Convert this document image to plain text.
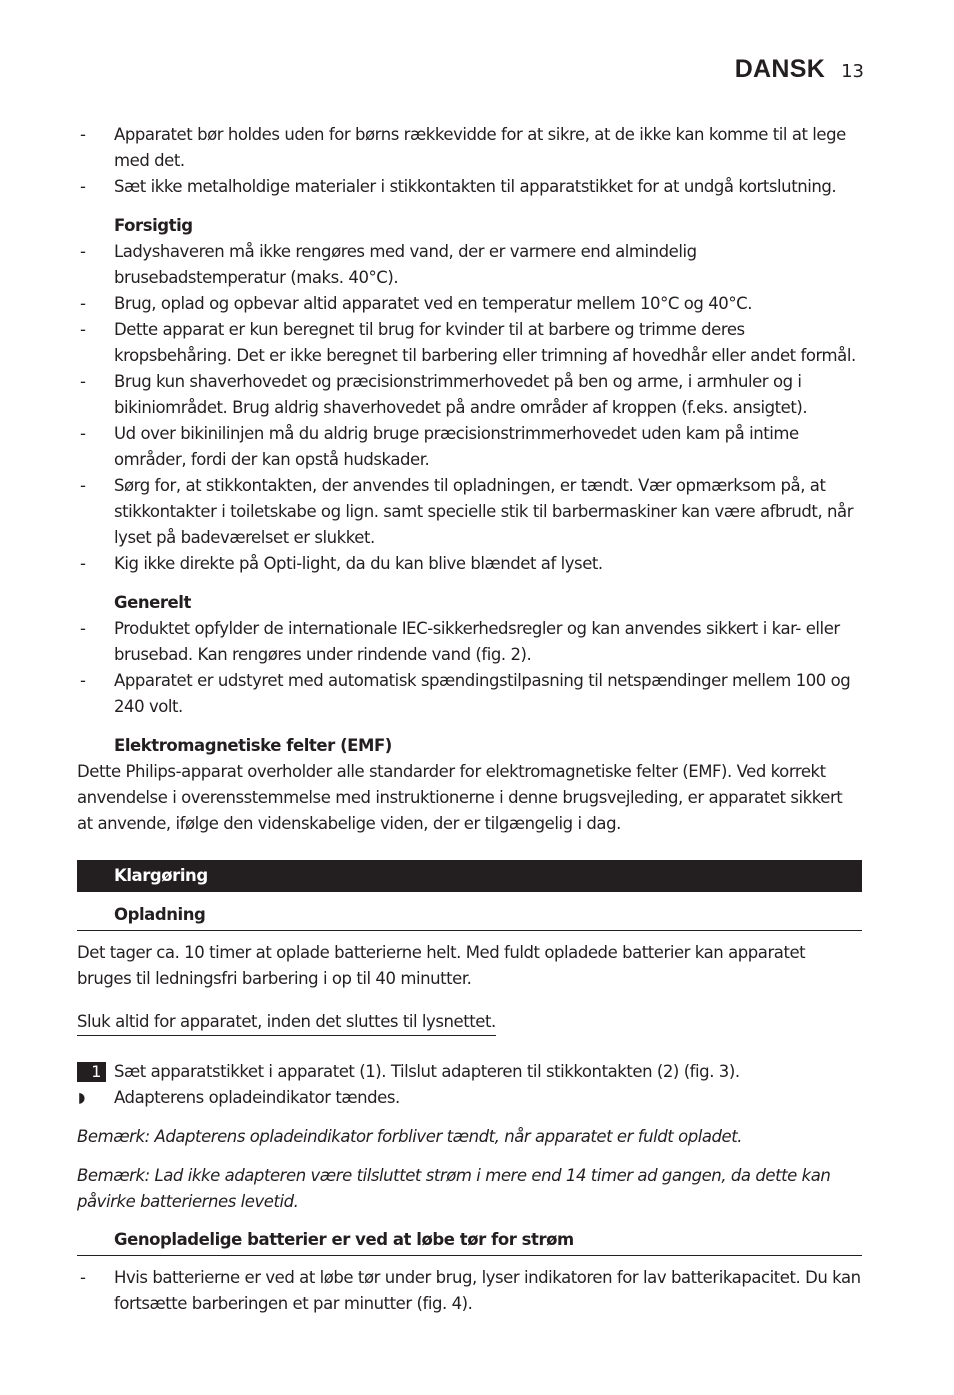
DANSK 13
-	Apparatet bør holdes uden for børns rækkevidde for at sikre, at de ikke kan komme til at lege med det.
-	Sæt ikke metalholdige materialer i stikkontakten til apparatstikket for at undgå kortslutning.
Forsigtig
-	Ladyshaveren må ikke rengøres med vand, der er varmere end almindelig brusebadstemperatur (maks. 40°C).
-	Brug, oplad og opbevar altid apparatet ved en temperatur mellem 10°C og 40°C.
-	Dette apparat er kun beregnet til brug for kvinder til at barbere og trimme deres kropsbehåring. Det er ikke beregnet til barbering eller trimning af hovedhår eller andet formål.
-	Brug kun shaverhovedet og præcisionstrimmerhovedet på ben og arme, i armhuler og i bikiniområdet. Brug aldrig shaverhovedet på andre områder af kroppen (f.eks. ansigtet).
-	Ud over bikinilinjen må du aldrig bruge præcisionstrimmerhovedet uden kam på intime områder, fordi der kan opstå hudskader.
-	Sørg for, at stikkontakten, der anvendes til opladningen, er tændt. Vær opmærksom på, at stikkontakter i toiletskabe og lign. samt specielle stik til barbermaskiner kan være afbrudt, når lyset på badeværelset er slukket.
-	Kig ikke direkte på Opti-light, da du kan blive blændet af lyset.
Generelt
-	Produktet opfylder de internationale IEC-sikkerhedsregler og kan anvendes sikkert i kar- eller brusebad. Kan rengøres under rindende vand (fig. 2).
-	Apparatet er udstyret med automatisk spændingstilpasning til netspændinger mellem 100 og 240 volt.
Elektromagnetiske felter (EMF)
Dette Philips-apparat overholder alle standarder for elektromagnetiske felter (EMF). Ved korrekt anvendelse i overensstemmelse med instruktionerne i denne brugsvejleding, er apparatet sikkert at anvende, ifølge den videnskabelige viden, der er tilgængelig i dag.
Klargøring
Opladning
Det tager ca. 10 timer at oplade batterierne helt. Med fuldt opladede batterier kan apparatet bruges til ledningsfri barbering i op til 40 minutter.
Sluk altid for apparatet, inden det sluttes til lysnettet.
1 Sæt apparatstikket i apparatet (1). Tilslut adapteren til stikkontakten (2) (fig. 3).
◗	Adapterens opladeindikator tændes.
Bemærk: Adapterens opladeindikator forbliver tændt, når apparatet er fuldt opladet.
Bemærk: Lad ikke adapteren være tilsluttet strøm i mere end 14 timer ad gangen, da dette kan påvirke batteriernes levetid.
Genopladelige batterier er ved at løbe tør for strøm
-	Hvis batterierne er ved at løbe tør under brug, lyser indikatoren for lav batterikapacitet. Du kan fortsætte barberingen et par minutter (fig. 4).
